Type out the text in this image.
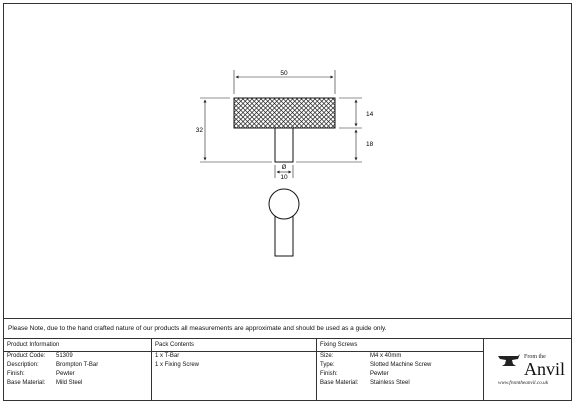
50
32
14
18
Ø
10
Please Note, due to the hand crafted nature of our products all measurements are approximate and should be used as a guide only.
Product Information
Product Code: 51309
Description:	Brompton T-Bar
Finish:	Pewter
Base Material: Mild Steel
Pack Contents
1 x T-Bar
1 x Fixing Screw
Fixing Screws
Size:	M4 x 40mm
Type:	Slotted Machine Screw
Finish:	Pewter
Base Material: Stainless Steel
From the
Anvil
www.fromtheanvil.co.uk
